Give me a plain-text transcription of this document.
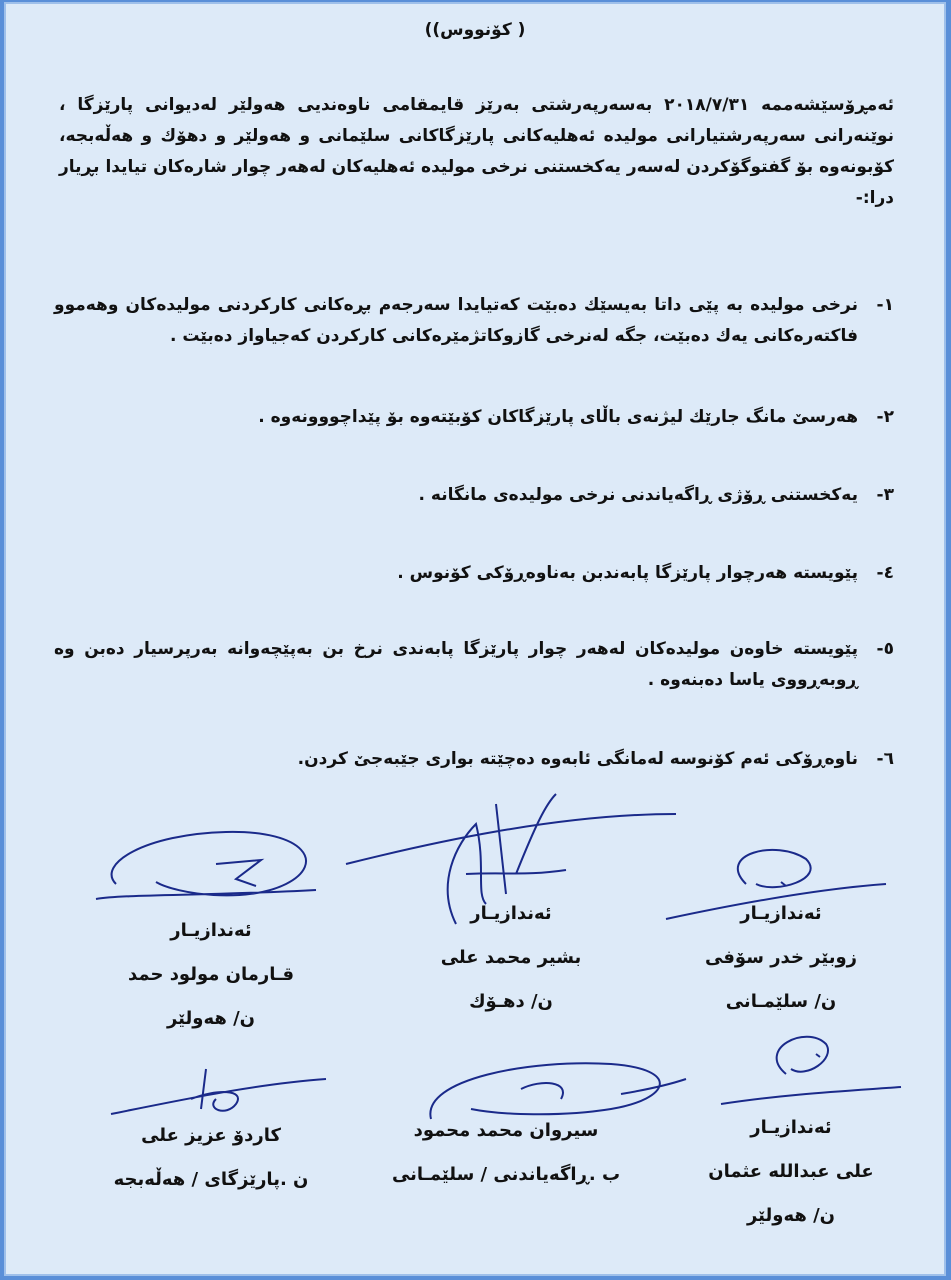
( كۆنووس))
ئەمڕۆسێشەممە ٢٠١٨/٧/٣١ بەسەرپەرشتی بەرێز قایمقامی ناوەندیی هەولێر لەدیوانی پارێزگا ، نوێنەرانی سەرپەرشتیارانی مولیدە ئەهلیەکانی پارێزگاکانی سلێمانی و هەولێر و دهۆك و هەڵەبجە، کۆبونەوە بۆ گفتوگۆکردن لەسەر یەکخستنی نرخی مولیدە ئەهلیەکان لەهەر چوار شارەکان تیایدا بڕیار درا:-
١-
نرخی مولیدە بە پێی داتا بەیسێك دەبێت کەتیایدا سەرجەم بڕەکانی کارکردنی مولیدەکان وهەموو فاکتەرەکانی یەك دەبێت، جگە لەنرخی گازوکاتژمێرەکانی کارکردن کەجیاواز دەبێت .
٢-
هەرسێ مانگ جارێك لیژنەی باڵای پارێزگاکان کۆبێتەوە بۆ پێداچووونەوە .
٣-
یەکخستنی ڕۆژی ڕاگەیاندنی نرخی مولیدەی مانگانە .
٤-
پێویستە هەرچوار پارێزگا پابەندبن بەناوەڕۆکی کۆنوس .
٥-
پێویستە خاوەن مولیدەکان لەهەر چوار پارێزگا پابەندی نرخ بن بەپێچەوانە بەرپرسیار دەبن وە ڕوبەڕووی یاسا دەبنەوە .
٦-
ناوەڕۆکی ئەم کۆنوسە لەمانگی ئابەوە دەچێتە بواری جێبەجێ کردن.
ئەندازیـار
زوبێر خدر سۆفی
ن/ سلێمـانی
ئەندازیـار
بشیر محمد علی
ن/ دهـۆك
ئەندازیـار
قـارمان مولود حمد
ن/ هەولێر
ئەندازیـار
علی عبداللە عثمان
ن/ هەولێر
سیروان محمد محمود
ب .ڕاگەیاندنی / سلێمـانی
کاردۆ عزیز علی
ن .پارێزگای / هەڵەبجە
